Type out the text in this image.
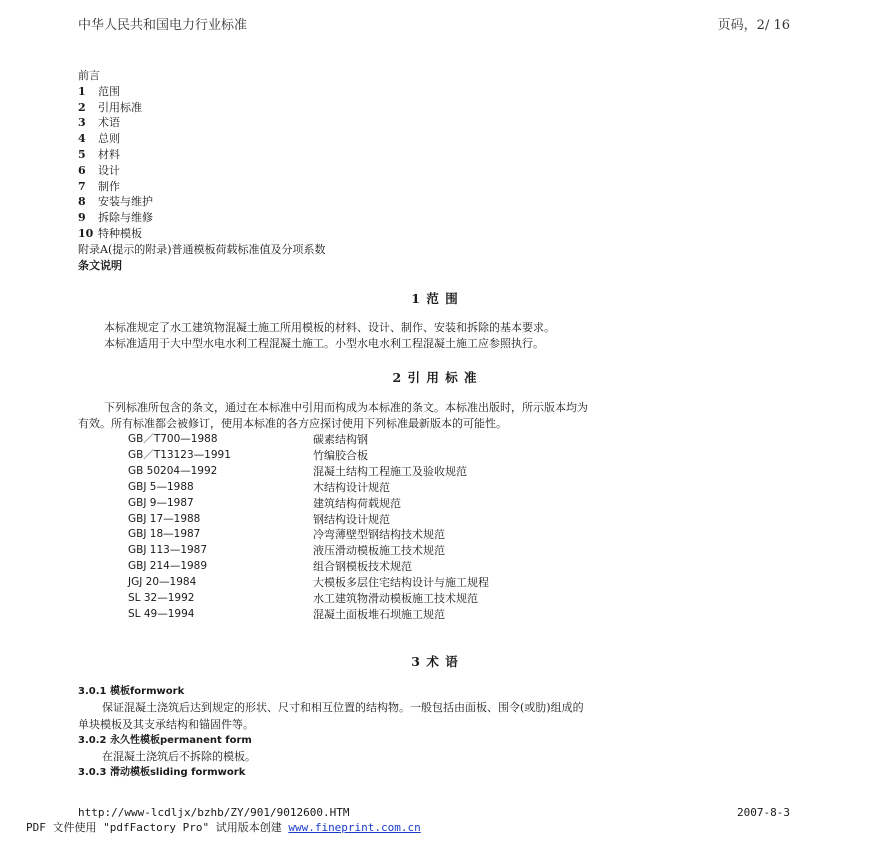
中华人民共和国电力行业标准	页码，2/ 16
前言
1 范围
2 引用标准
3 术语
4 总则
5 材料
6 设计
7 制作
8 安装与维护
9 拆除与维修
10 特种模板
附录A(提示的附录)普通模板荷载标准值及分项系数
条文说明
1 范 围
本标准规定了水工建筑物混凝土施工所用模板的材料、设计、制作、安装和拆除的基本要求。
本标准适用于大中型水电水利工程混凝土施工。小型水电水利工程混凝土施工应参照执行。
2 引 用 标 准
下列标准所包含的条文，通过在本标准中引用而构成为本标准的条文。本标准出版时，所示版本均为
有效。所有标准都会被修订，使用本标准的各方应探讨使用下列标准最新版本的可能性。
GB／T700—1988	碳素结构钢
GB／T13123—1991	竹编胶合板
GB 50204—1992	混凝土结构工程施工及验收规范
GBJ 5—1988	木结构设计规范
GBJ 9—1987	建筑结构荷载规范
GBJ 17—1988	钢结构设计规范
GBJ 18—1987	冷弯薄壁型钢结构技术规范
GBJ 113—1987	液压滑动模板施工技术规范
GBJ 214—1989	组合钢模板技术规范
JGJ 20—1984	大模板多层住宅结构设计与施工规程
SL 32—1992	水工建筑物滑动模板施工技术规范
SL 49—1994	混凝土面板堆石坝施工规范
3 术 语
3.0.1 模板formwork
保证混凝土浇筑后达到规定的形状、尺寸和相互位置的结构物。一般包括由面板、围令(或肋)组成的
单块模板及其支承结构和锚固件等。
3.0.2 永久性模板permanent form
在混凝土浇筑后不拆除的模板。
3.0.3 滑动模板sliding formwork
http://www-lcdljx/bzhb/ZY/901/9012600.HTM	2007-8-3
PDF 文件使用 "pdfFactory Pro" 试用版本创建 www.fineprint.com.cn
